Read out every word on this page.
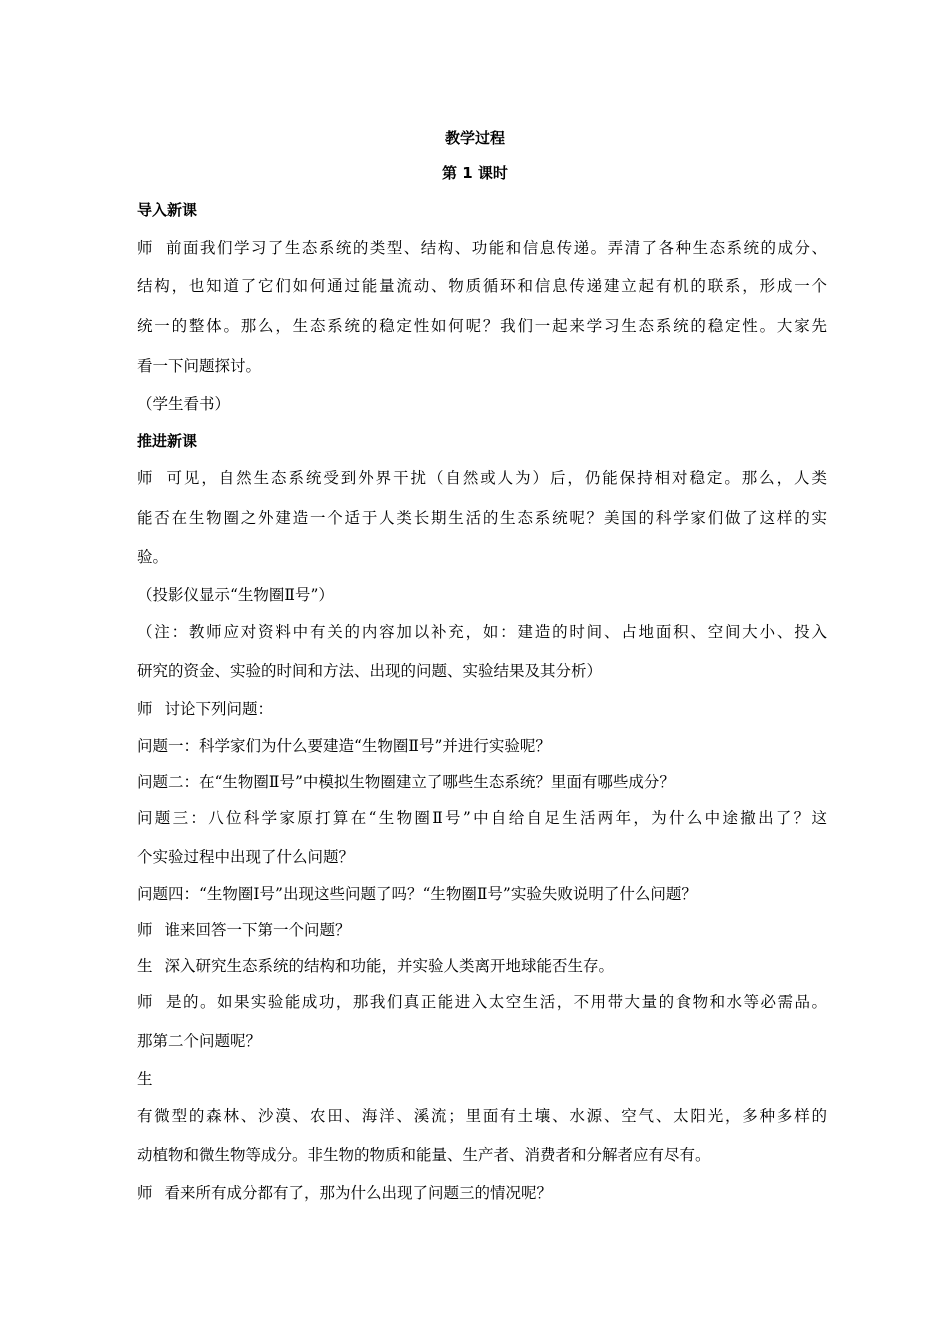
教学过程
第 1 课时
导入新课
师 前面我们学习了生态系统的类型、结构、功能和信息传递。弄清了各种生态系统的成分、
结构，也知道了它们如何通过能量流动、物质循环和信息传递建立起有机的联系，形成一个
统一的整体。那么，生态系统的稳定性如何呢？我们一起来学习生态系统的稳定性。大家先
看一下问题探讨。
（学生看书）
推进新课
师 可见，自然生态系统受到外界干扰（自然或人为）后，仍能保持相对稳定。那么，人类
能否在生物圈之外建造一个适于人类长期生活的生态系统呢？美国的科学家们做了这样的实
验。
（投影仪显示“生物圈Ⅱ号”）
（注：教师应对资料中有关的内容加以补充，如：建造的时间、占地面积、空间大小、投入
研究的资金、实验的时间和方法、出现的问题、实验结果及其分析）
师 讨论下列问题：
问题一：科学家们为什么要建造“生物圈Ⅱ号”并进行实验呢？
问题二：在“生物圈Ⅱ号”中模拟生物圈建立了哪些生态系统？里面有哪些成分？
问题三：八位科学家原打算在“生物圈Ⅱ号”中自给自足生活两年，为什么中途撤出了？这
个实验过程中出现了什么问题？
问题四：“生物圈Ⅰ号”出现这些问题了吗？“生物圈Ⅱ号”实验失败说明了什么问题？
师 谁来回答一下第一个问题？
生 深入研究生态系统的结构和功能，并实验人类离开地球能否生存。
师 是的。如果实验能成功，那我们真正能进入太空生活，不用带大量的食物和水等必需品。
那第二个问题呢？
生
有微型的森林、沙漠、农田、海洋、溪流；里面有土壤、水源、空气、太阳光，多种多样的
动植物和微生物等成分。非生物的物质和能量、生产者、消费者和分解者应有尽有。
师 看来所有成分都有了，那为什么出现了问题三的情况呢？
